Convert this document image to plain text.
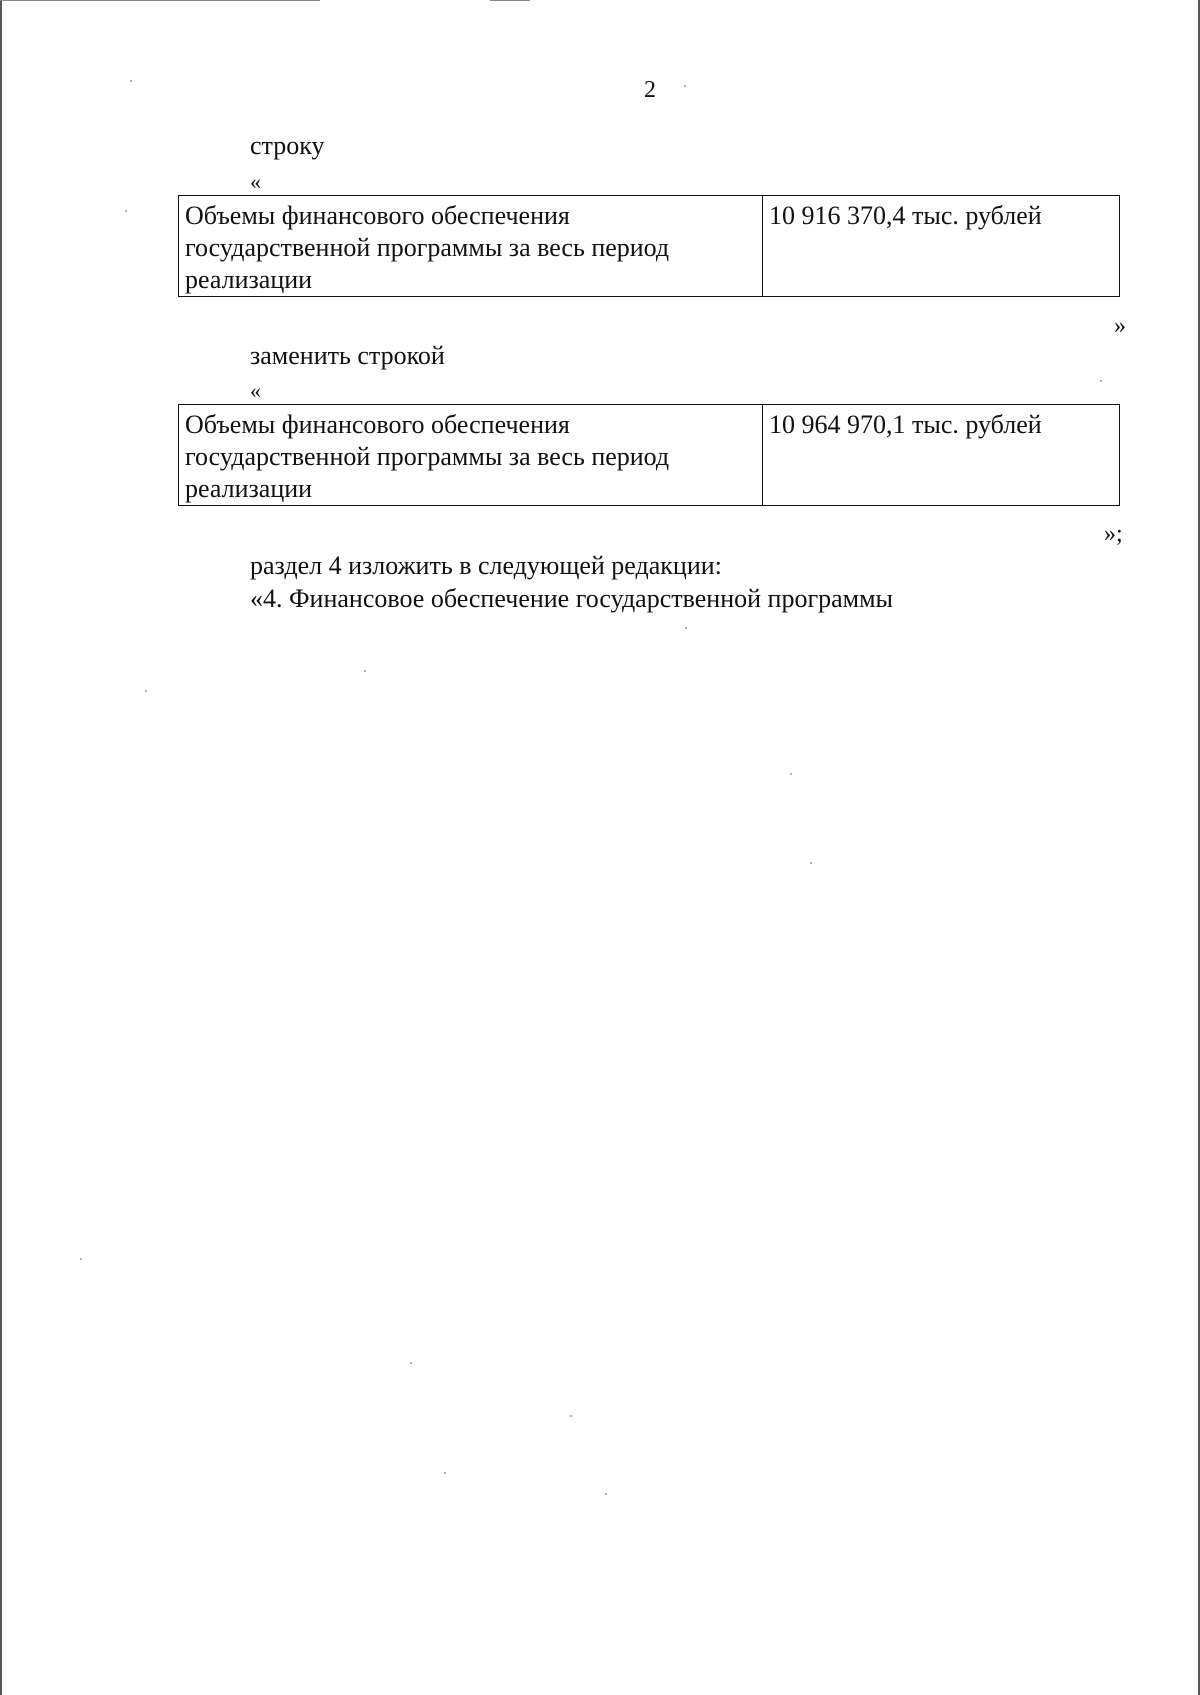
2
строку
«
Объемы финансового обеспечения
государственной программы за весь период
реализации
	10 916 370,4 тыс. рублей
»
заменить строкой
«
Объемы финансового обеспечения
государственной программы за весь период
реализации
	10 964 970,1 тыс. рублей
»;
раздел 4 изложить в следующей редакции:
«4. Финансовое обеспечение государственной программы
